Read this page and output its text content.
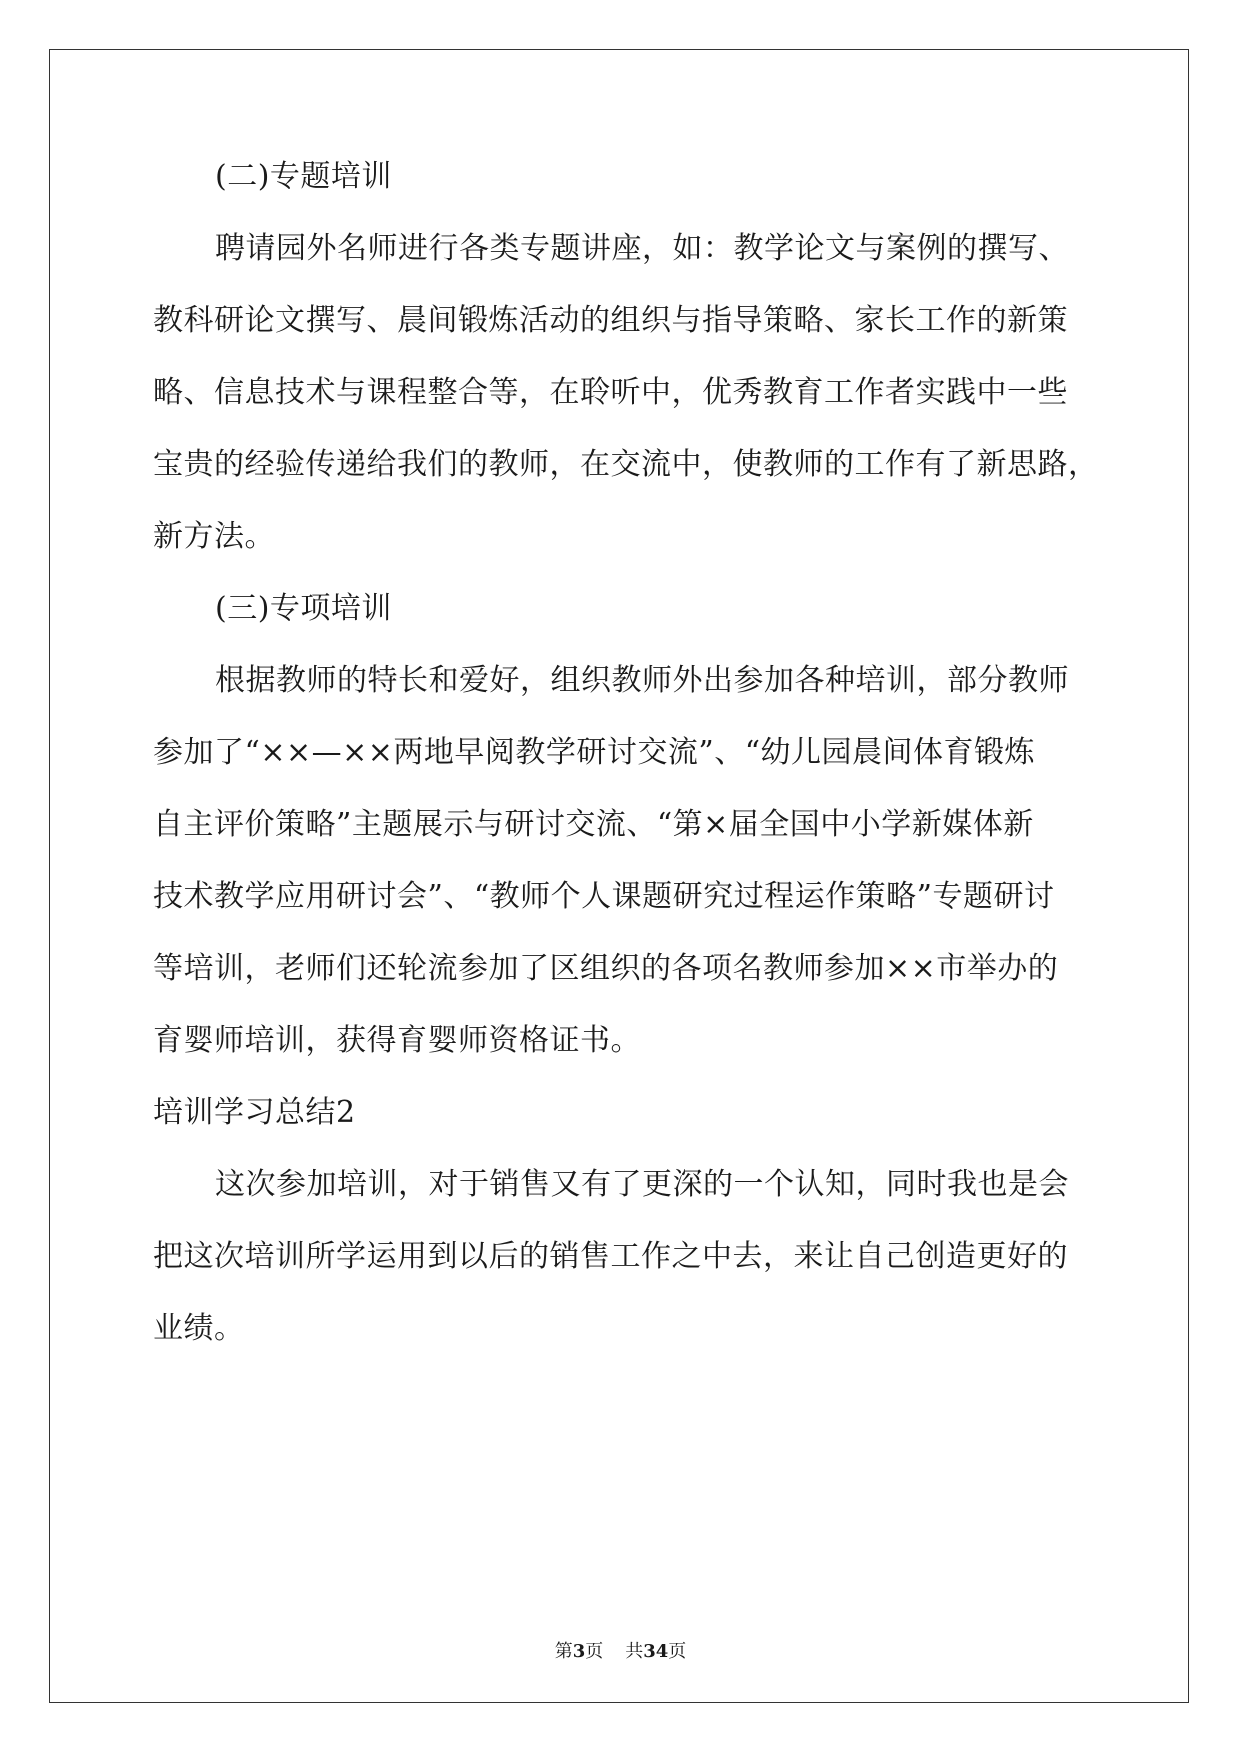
(二)专题培训
聘请园外名师进行各类专题讲座，如：教学论文与案例的撰写、
教科研论文撰写、晨间锻炼活动的组织与指导策略、家长工作的新策
略、信息技术与课程整合等，在聆听中，优秀教育工作者实践中一些
宝贵的经验传递给我们的教师，在交流中，使教师的工作有了新思路，
新方法。
(三)专项培训
根据教师的特长和爱好，组织教师外出参加各种培训，部分教师
参加了“××—××两地早阅教学研讨交流”、“幼儿园晨间体育锻炼
自主评价策略”主题展示与研讨交流、“第×届全国中小学新媒体新
技术教学应用研讨会”、“教师个人课题研究过程运作策略”专题研讨
等培训，老师们还轮流参加了区组织的各项名教师参加××市举办的
育婴师培训，获得育婴师资格证书。
培训学习总结2
这次参加培训，对于销售又有了更深的一个认知，同时我也是会
把这次培训所学运用到以后的销售工作之中去，来让自己创造更好的
业绩。
第3页 共34页
